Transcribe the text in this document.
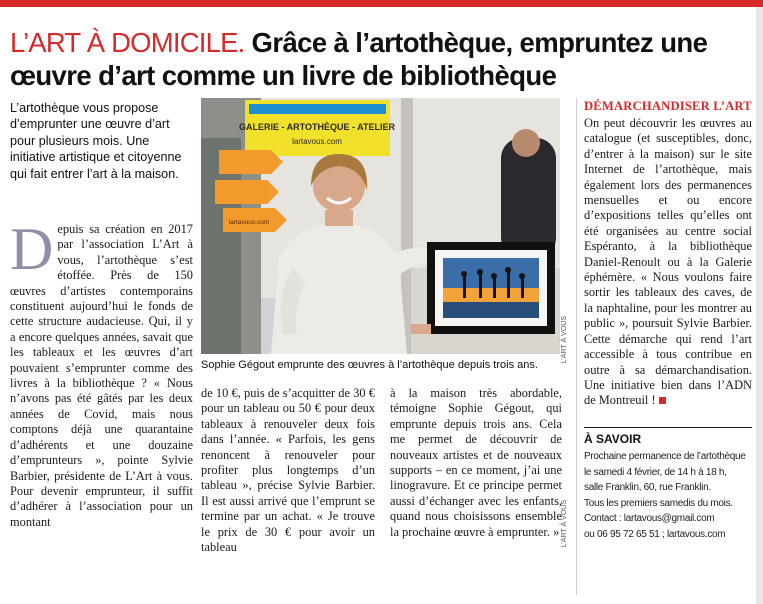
L’ART À DOMICILE. Grâce à l’artothèque, empruntez une œuvre d’art comme un livre de bibliothèque

L’artothèque vous propose d’emprunter une œuvre d’art pour plusieurs mois. Une initiative artistique et citoyenne qui fait entrer l’art à la maison.

D epuis sa création en 2017 par l’association L’Art à vous, l’artothèque s’est étoffée. Près de 150 œuvres d’artistes contemporains constituent aujourd’hui le fonds de cette structure audacieuse. Qui, il y a encore quelques années, savait que les tableaux et les œuvres d’art pouvaient s’emprunter comme des livres à la bibliothèque ? « Nous n’avons pas été gâtés par les deux années de Covid, mais nous comptons déjà une quarantaine d’adhérents et une douzaine d’emprunteurs », pointe Sylvie Barbier, présidente de L’Art à vous. Pour devenir emprunteur, il suffit d’adhérer à l’association pour un montant

GALERIE - ARTOTHÈQUE - ATELIER
lartavous.com
lartavous.com
L’ART À VOUS
Sophie Gégout emprunte des œuvres à l’artothèque depuis trois ans.

de 10 €, puis de s’acquitter de 30 € pour un tableau ou 50 € pour deux tableaux à renouveler deux fois dans l’année. « Parfois, les gens renoncent à renouveler pour profiter plus longtemps d’un tableau », précise Sylvie Barbier. Il est aussi arrivé que l’emprunt se termine par un achat. « Je trouve le prix de 30 € pour avoir un tableau

à la maison très abordable, témoigne Sophie Gégout, qui emprunte depuis trois ans. Cela me permet de découvrir de nouveaux artistes et de nouveaux supports – en ce moment, j’ai une linogravure. Et ce principe permet aussi d’échanger avec les enfants, quand nous choisissons ensemble la prochaine œuvre à emprunter. » L’ART À VOUS
DÉMARCHANDISER L’ART

On peut découvrir les œuvres au catalogue (et susceptibles, donc, d’entrer à la maison) sur le site Internet de l’artothèque, mais également lors des permanences mensuelles et ou encore d’expositions telles qu’elles ont été organisées au centre social Espéranto, à la bibliothèque Daniel-Renoult ou à la Galerie éphémère. « Nous voulons faire sortir les tableaux des caves, de la naphtaline, pour les montrer au public », poursuit Sylvie Barbier. Cette démarche qui rend l’art accessible à tous contribue en outre à sa démarchandisation. Une initiative bien dans l’ADN de Montreuil !

À SAVOIR
Prochaine permanence de l’artothèque
le samedi 4 février, de 14 h à 18 h,
salle Franklin, 60, rue Franklin.
Tous les premiers samedis du mois.
Contact : lartavous@gmail.com
ou 06 95 72 65 51 ; lartavous.com
